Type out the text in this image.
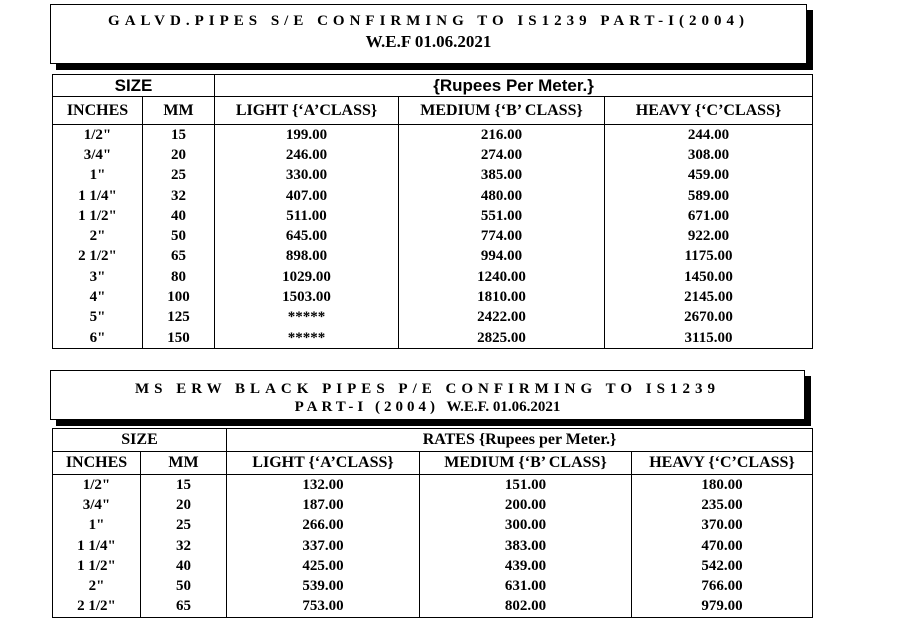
GALVD.PIPES S/E CONFIRMING TO IS1239 PART-I(2004)
W.E.F 01.06.2021
SIZE		{Rupees Per Meter.}		
INCHES	MM	LIGHT {‘A’CLASS}	MEDIUM {‘B’ CLASS}	HEAVY {‘C’CLASS}
1/2"	15	199.00	216.00	244.00
3/4"	20	246.00	274.00	308.00
1"	25	330.00	385.00	459.00
1 1/4"	32	407.00	480.00	589.00
1 1/2"	40	511.00	551.00	671.00
2"	50	645.00	774.00	922.00
2 1/2"	65	898.00	994.00	1175.00
3"	80	1029.00	1240.00	1450.00
4"	100	1503.00	1810.00	2145.00
5"	125	*****	2422.00	2670.00
6"	150	*****	2825.00	3115.00
MS ERW BLACK PIPES P/E CONFIRMING TO IS1239
PART-I (2004) W.E.F. 01.06.2021
SIZE		RATES {Rupees per Meter.}		
INCHES	MM	LIGHT {‘A’CLASS}	MEDIUM {‘B’ CLASS}	HEAVY {‘C’CLASS}
1/2"	15	132.00	151.00	180.00
3/4"	20	187.00	200.00	235.00
1"	25	266.00	300.00	370.00
1 1/4"	32	337.00	383.00	470.00
1 1/2"	40	425.00	439.00	542.00
2"	50	539.00	631.00	766.00
2 1/2"	65	753.00	802.00	979.00
